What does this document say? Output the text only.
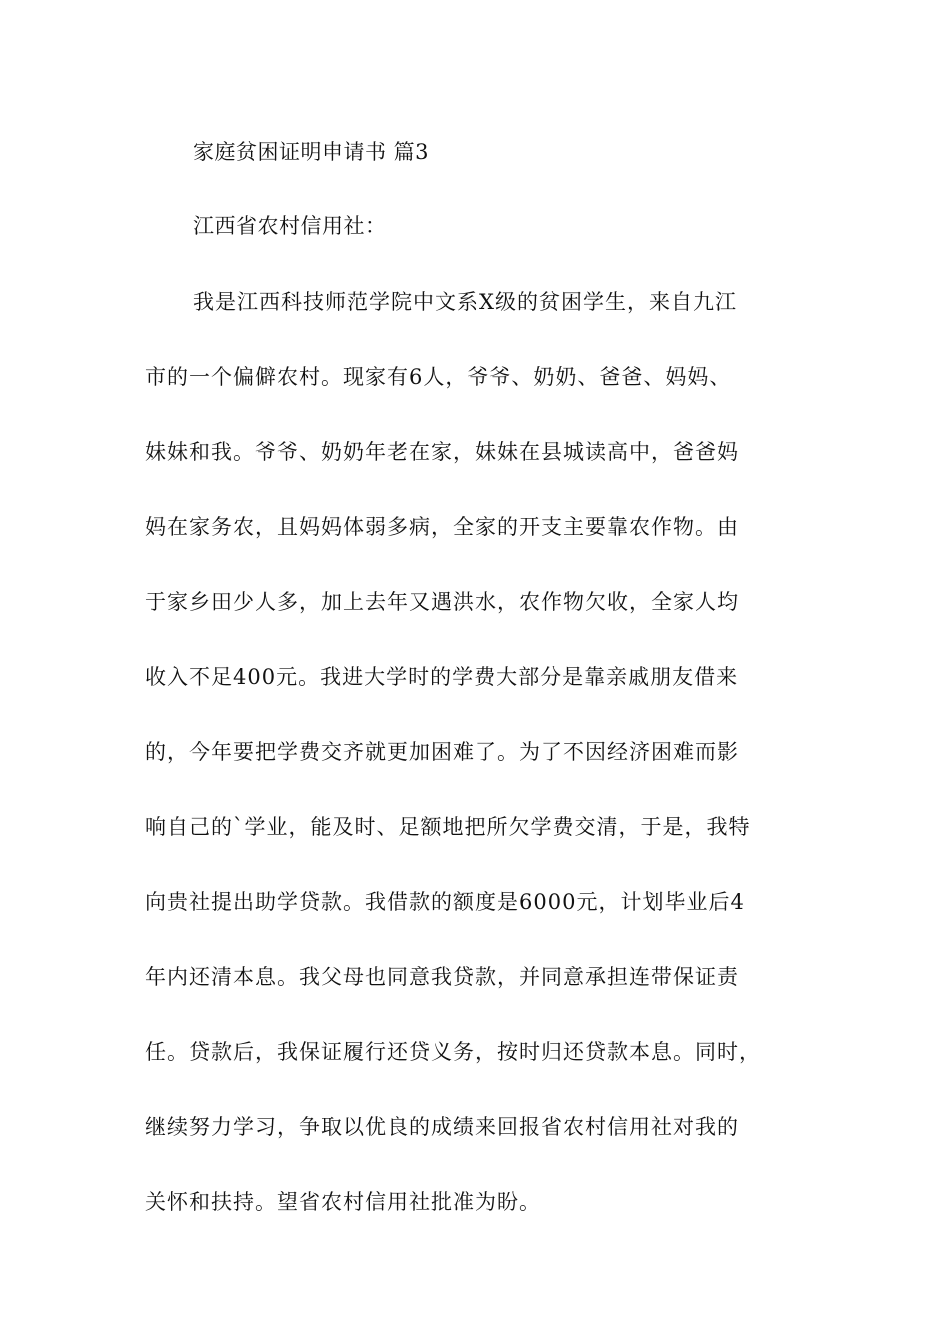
家庭贫困证明申请书 篇3
江西省农村信用社：
我是江西科技师范学院中文系X级的贫困学生，来自九江
市的一个偏僻农村。现家有6人，爷爷、奶奶、爸爸、妈妈、
妹妹和我。爷爷、奶奶年老在家，妹妹在县城读高中，爸爸妈
妈在家务农，且妈妈体弱多病，全家的开支主要靠农作物。由
于家乡田少人多，加上去年又遇洪水，农作物欠收，全家人均
收入不足400元。我进大学时的学费大部分是靠亲戚朋友借来
的，今年要把学费交齐就更加困难了。为了不因经济困难而影
响自己的`学业，能及时、足额地把所欠学费交清，于是，我特
向贵社提出助学贷款。我借款的额度是6000元，计划毕业后4
年内还清本息。我父母也同意我贷款，并同意承担连带保证责
任。贷款后，我保证履行还贷义务，按时归还贷款本息。同时，
继续努力学习，争取以优良的成绩来回报省农村信用社对我的
关怀和扶持。望省农村信用社批准为盼。
